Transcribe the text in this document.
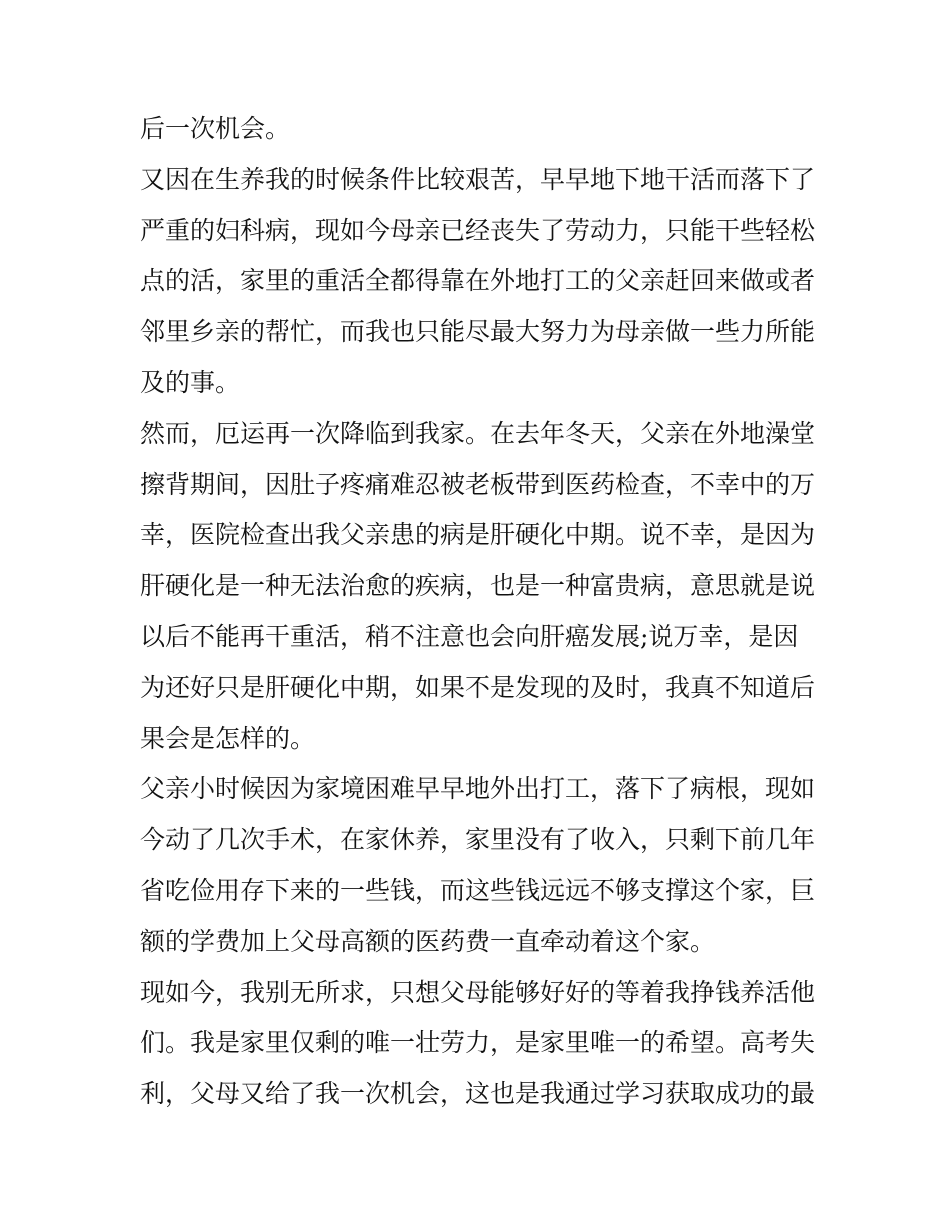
后一次机会。
又因在生养我的时候条件比较艰苦，早早地下地干活而落下了
严重的妇科病，现如今母亲已经丧失了劳动力，只能干些轻松
点的活，家里的重活全都得靠在外地打工的父亲赶回来做或者
邻里乡亲的帮忙，而我也只能尽最大努力为母亲做一些力所能
及的事。
然而，厄运再一次降临到我家。在去年冬天，父亲在外地澡堂
擦背期间，因肚子疼痛难忍被老板带到医药检查，不幸中的万
幸，医院检查出我父亲患的病是肝硬化中期。说不幸，是因为
肝硬化是一种无法治愈的疾病，也是一种富贵病，意思就是说
以后不能再干重活，稍不注意也会向肝癌发展;说万幸，是因
为还好只是肝硬化中期，如果不是发现的及时，我真不知道后
果会是怎样的。
父亲小时候因为家境困难早早地外出打工，落下了病根，现如
今动了几次手术，在家休养，家里没有了收入，只剩下前几年
省吃俭用存下来的一些钱，而这些钱远远不够支撑这个家，巨
额的学费加上父母高额的医药费一直牵动着这个家。
现如今，我别无所求，只想父母能够好好的等着我挣钱养活他
们。我是家里仅剩的唯一壮劳力，是家里唯一的希望。高考失
利，父母又给了我一次机会，这也是我通过学习获取成功的最
